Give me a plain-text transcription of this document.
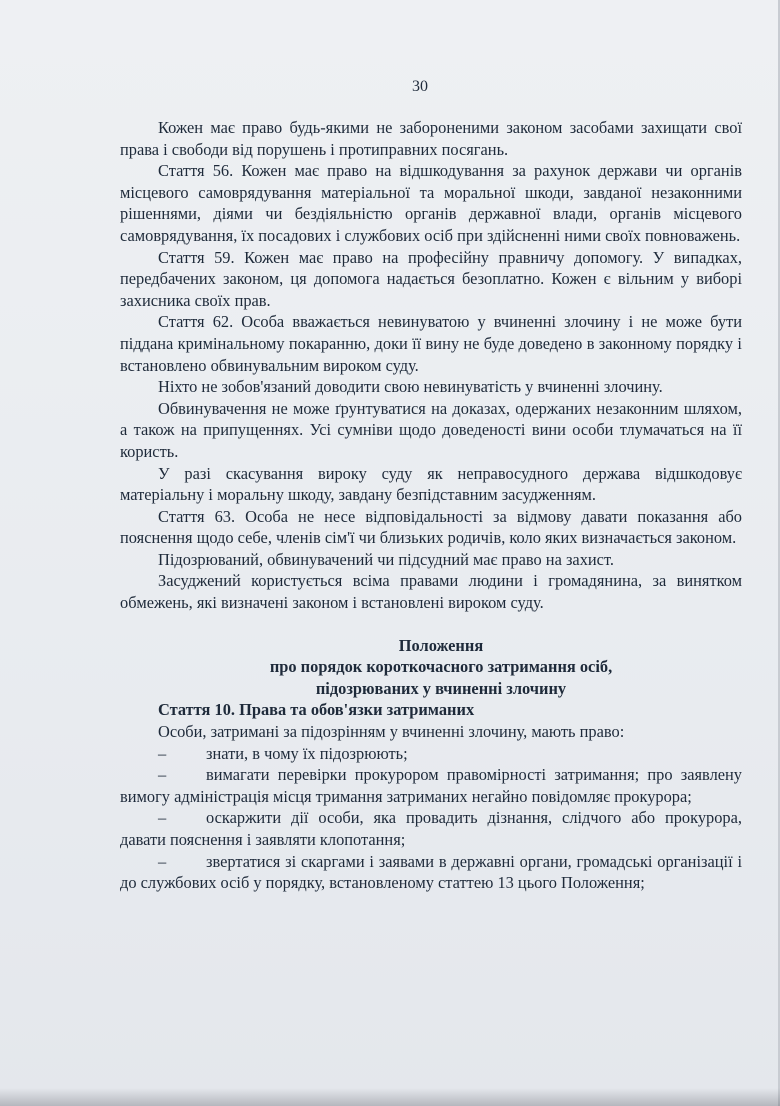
30

Кожен має право будь-якими не забороненими законом засобами захищати свої права і свободи від порушень і протиправних посягань.

Стаття 56. Кожен має право на відшкодування за рахунок держави чи органів місцевого самоврядування матеріальної та моральної шкоди, завданої незаконними рішеннями, діями чи бездіяльністю органів державної влади, органів місцевого самоврядування, їх посадових і службових осіб при здійсненні ними своїх повноважень.

Стаття 59. Кожен має право на професійну правничу допомогу. У випадках, передбачених законом, ця допомога надається безоплатно. Кожен є вільним у виборі захисника своїх прав.

Стаття 62. Особа вважається невинуватою у вчиненні злочину і не може бути піддана кримінальному покаранню, доки її вину не буде доведено в законному порядку і встановлено обвинувальним вироком суду.

Ніхто не зобов'язаний доводити свою невинуватість у вчиненні злочину.

Обвинувачення не може ґрунтуватися на доказах, одержаних незаконним шляхом, а також на припущеннях. Усі сумніви щодо доведеності вини особи тлумачаться на її користь.

У разі скасування вироку суду як неправосудного держава відшкодовує матеріальну і моральну шкоду, завдану безпідставним засудженням.

Стаття 63. Особа не несе відповідальності за відмову давати показання або пояснення щодо себе, членів сім'ї чи близьких родичів, коло яких визначається законом.

Підозрюваний, обвинувачений чи підсудний має право на захист.

Засуджений користується всіма правами людини і громадянина, за винятком обмежень, які визначені законом і встановлені вироком суду.

Положення

про порядок короткочасного затримання осіб,

підозрюваних у вчиненні злочину

Стаття 10. Права та обов'язки затриманих

Особи, затримані за підозрінням у вчиненні злочину, мають право:

– знати, в чому їх підозрюють;

– вимагати перевірки прокурором правомірності затримання; про заявлену вимогу адміністрація місця тримання затриманих негайно повідомляє прокурора;

– оскаржити дії особи, яка провадить дізнання, слідчого або прокурора, давати пояснення і заявляти клопотання;

– звертатися зі скаргами і заявами в державні органи, громадські організації і до службових осіб у порядку, встановленому статтею 13 цього Положення;
